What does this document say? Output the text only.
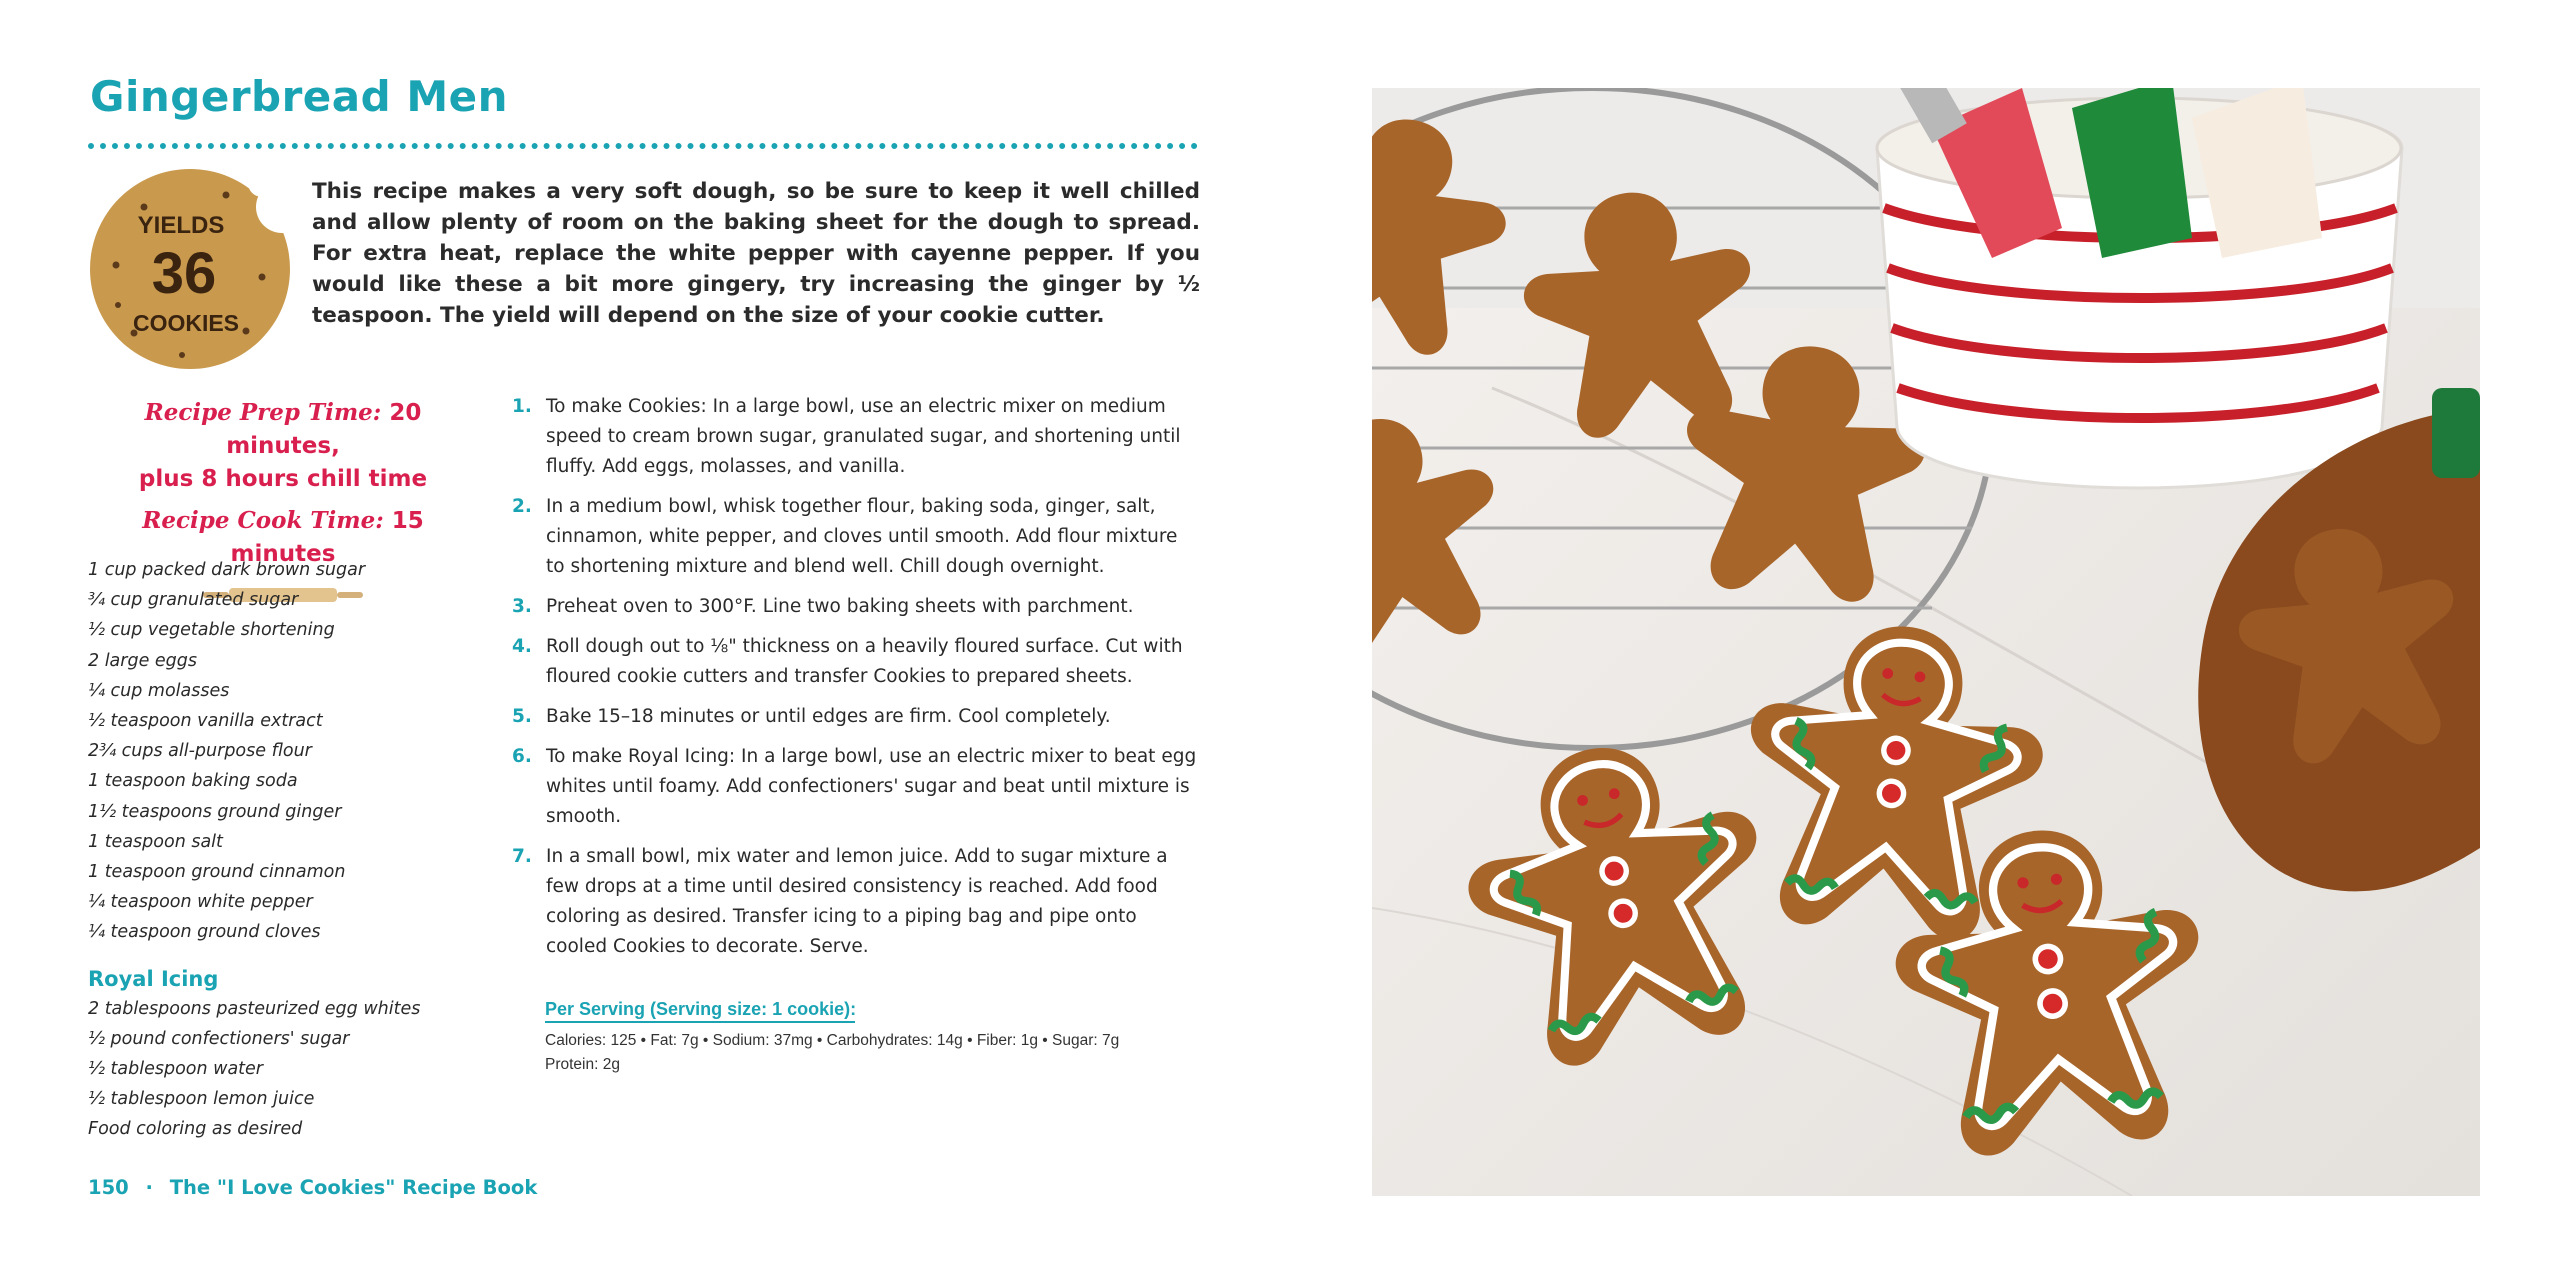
Gingerbread Men
YIELDS
36
COOKIES

This recipe makes a very soft dough, so be sure to keep it well chilled and allow plenty of room on the baking sheet for the dough to spread. For extra heat, replace the white pepper with cayenne pepper. If you would like these a bit more gingery, try increasing the ginger by ½ teaspoon. The yield will depend on the size of your cookie cutter.

Recipe Prep Time: 20 minutes,
plus 8 hours chill time
Recipe Cook Time: 15 minutes
1 cup packed dark brown sugar
¾ cup granulated sugar
½ cup vegetable shortening
2 large eggs
¼ cup molasses
½ teaspoon vanilla extract
2¾ cups all-purpose flour
1 teaspoon baking soda
1½ teaspoons ground ginger
1 teaspoon salt
1 teaspoon ground cinnamon
¼ teaspoon white pepper
¼ teaspoon ground cloves
Royal Icing
2 tablespoons pasteurized egg whites
½ pound confectioners' sugar
½ tablespoon water
½ tablespoon lemon juice
Food coloring as desired
1. To make Cookies: In a large bowl, use an electric mixer on medium speed to cream brown sugar, granulated sugar, and shortening until fluffy. Add eggs, molasses, and vanilla.
2. In a medium bowl, whisk together flour, baking soda, ginger, salt, cinnamon, white pepper, and cloves until smooth. Add flour mixture to shortening mixture and blend well. Chill dough overnight.
3. Preheat oven to 300°F. Line two baking sheets with parchment.
4. Roll dough out to ⅛" thickness on a heavily floured surface. Cut with floured cookie cutters and transfer Cookies to prepared sheets.
5. Bake 15–18 minutes or until edges are firm. Cool completely.
6. To make Royal Icing: In a large bowl, use an electric mixer to beat egg whites until foamy. Add confectioners' sugar and beat until mixture is smooth.
7. In a small bowl, mix water and lemon juice. Add to sugar mixture a few drops at a time until desired consistency is reached. Add food coloring as desired. Transfer icing to a piping bag and pipe onto cooled Cookies to decorate. Serve.
Per Serving (Serving size: 1 cookie):
Calories: 125 • Fat: 7g • Sodium: 37mg • Carbohydrates: 14g • Fiber: 1g • Sugar: 7g
Protein: 2g
150 · The "I Love Cookies" Recipe Book
